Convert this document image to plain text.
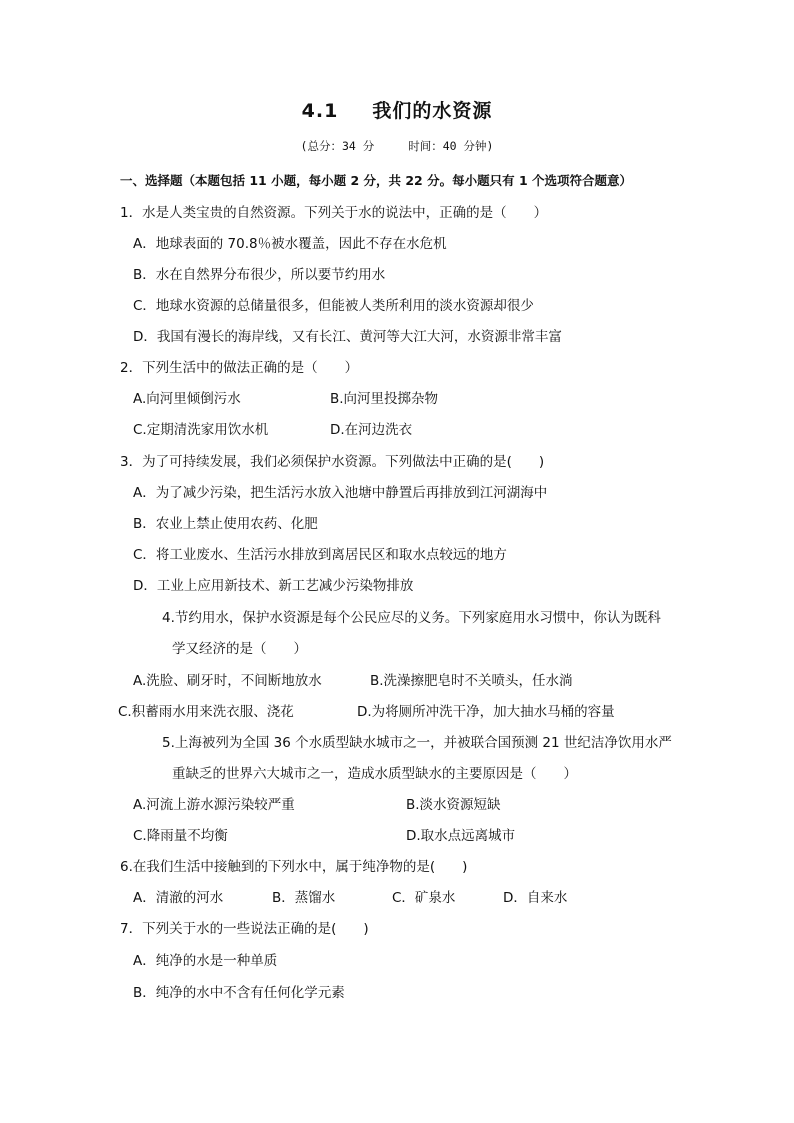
4.1 我们的水资源
(总分：34 分	时间：40 分钟)
一、选择题（本题包括 11 小题，每小题 2 分，共 22 分。每小题只有 1 个选项符合题意）
1．水是人类宝贵的自然资源。下列关于水的说法中，正确的是（　　）
A．地球表面的 70.8％被水覆盖，因此不存在水危机
B．水在自然界分布很少，所以要节约用水
C．地球水资源的总储量很多，但能被人类所利用的淡水资源却很少
D．我国有漫长的海岸线，又有长江、黄河等大江大河，水资源非常丰富
2．下列生活中的做法正确的是（　　）
A.向河里倾倒污水	B.向河里投掷杂物
C.定期清洗家用饮水机	D.在河边洗衣
3．为了可持续发展，我们必须保护水资源。下列做法中正确的是(　　)
A．为了减少污染，把生活污水放入池塘中静置后再排放到江河湖海中
B．农业上禁止使用农药、化肥
C．将工业废水、生活污水排放到离居民区和取水点较远的地方
D．工业上应用新技术、新工艺减少污染物排放
4.节约用水，保护水资源是每个公民应尽的义务。下列家庭用水习惯中，你认为既科
学又经济的是（　　）
A.洗脸、刷牙时，不间断地放水	B.洗澡擦肥皂时不关喷头，任水淌
C.积蓄雨水用来洗衣服、浇花	D.为将厕所冲洗干净，加大抽水马桶的容量
5.上海被列为全国 36 个水质型缺水城市之一，并被联合国预测 21 世纪洁净饮用水严
重缺乏的世界六大城市之一，造成水质型缺水的主要原因是（　　）
A.河流上游水源污染较严重	B.淡水资源短缺
C.降雨量不均衡	D.取水点远离城市
6.在我们生活中接触到的下列水中，属于纯净物的是(　　)
A．清澈的河水	B．蒸馏水	C．矿泉水	D．自来水
7．下列关于水的一些说法正确的是(　　)
A．纯净的水是一种单质
B．纯净的水中不含有任何化学元素
